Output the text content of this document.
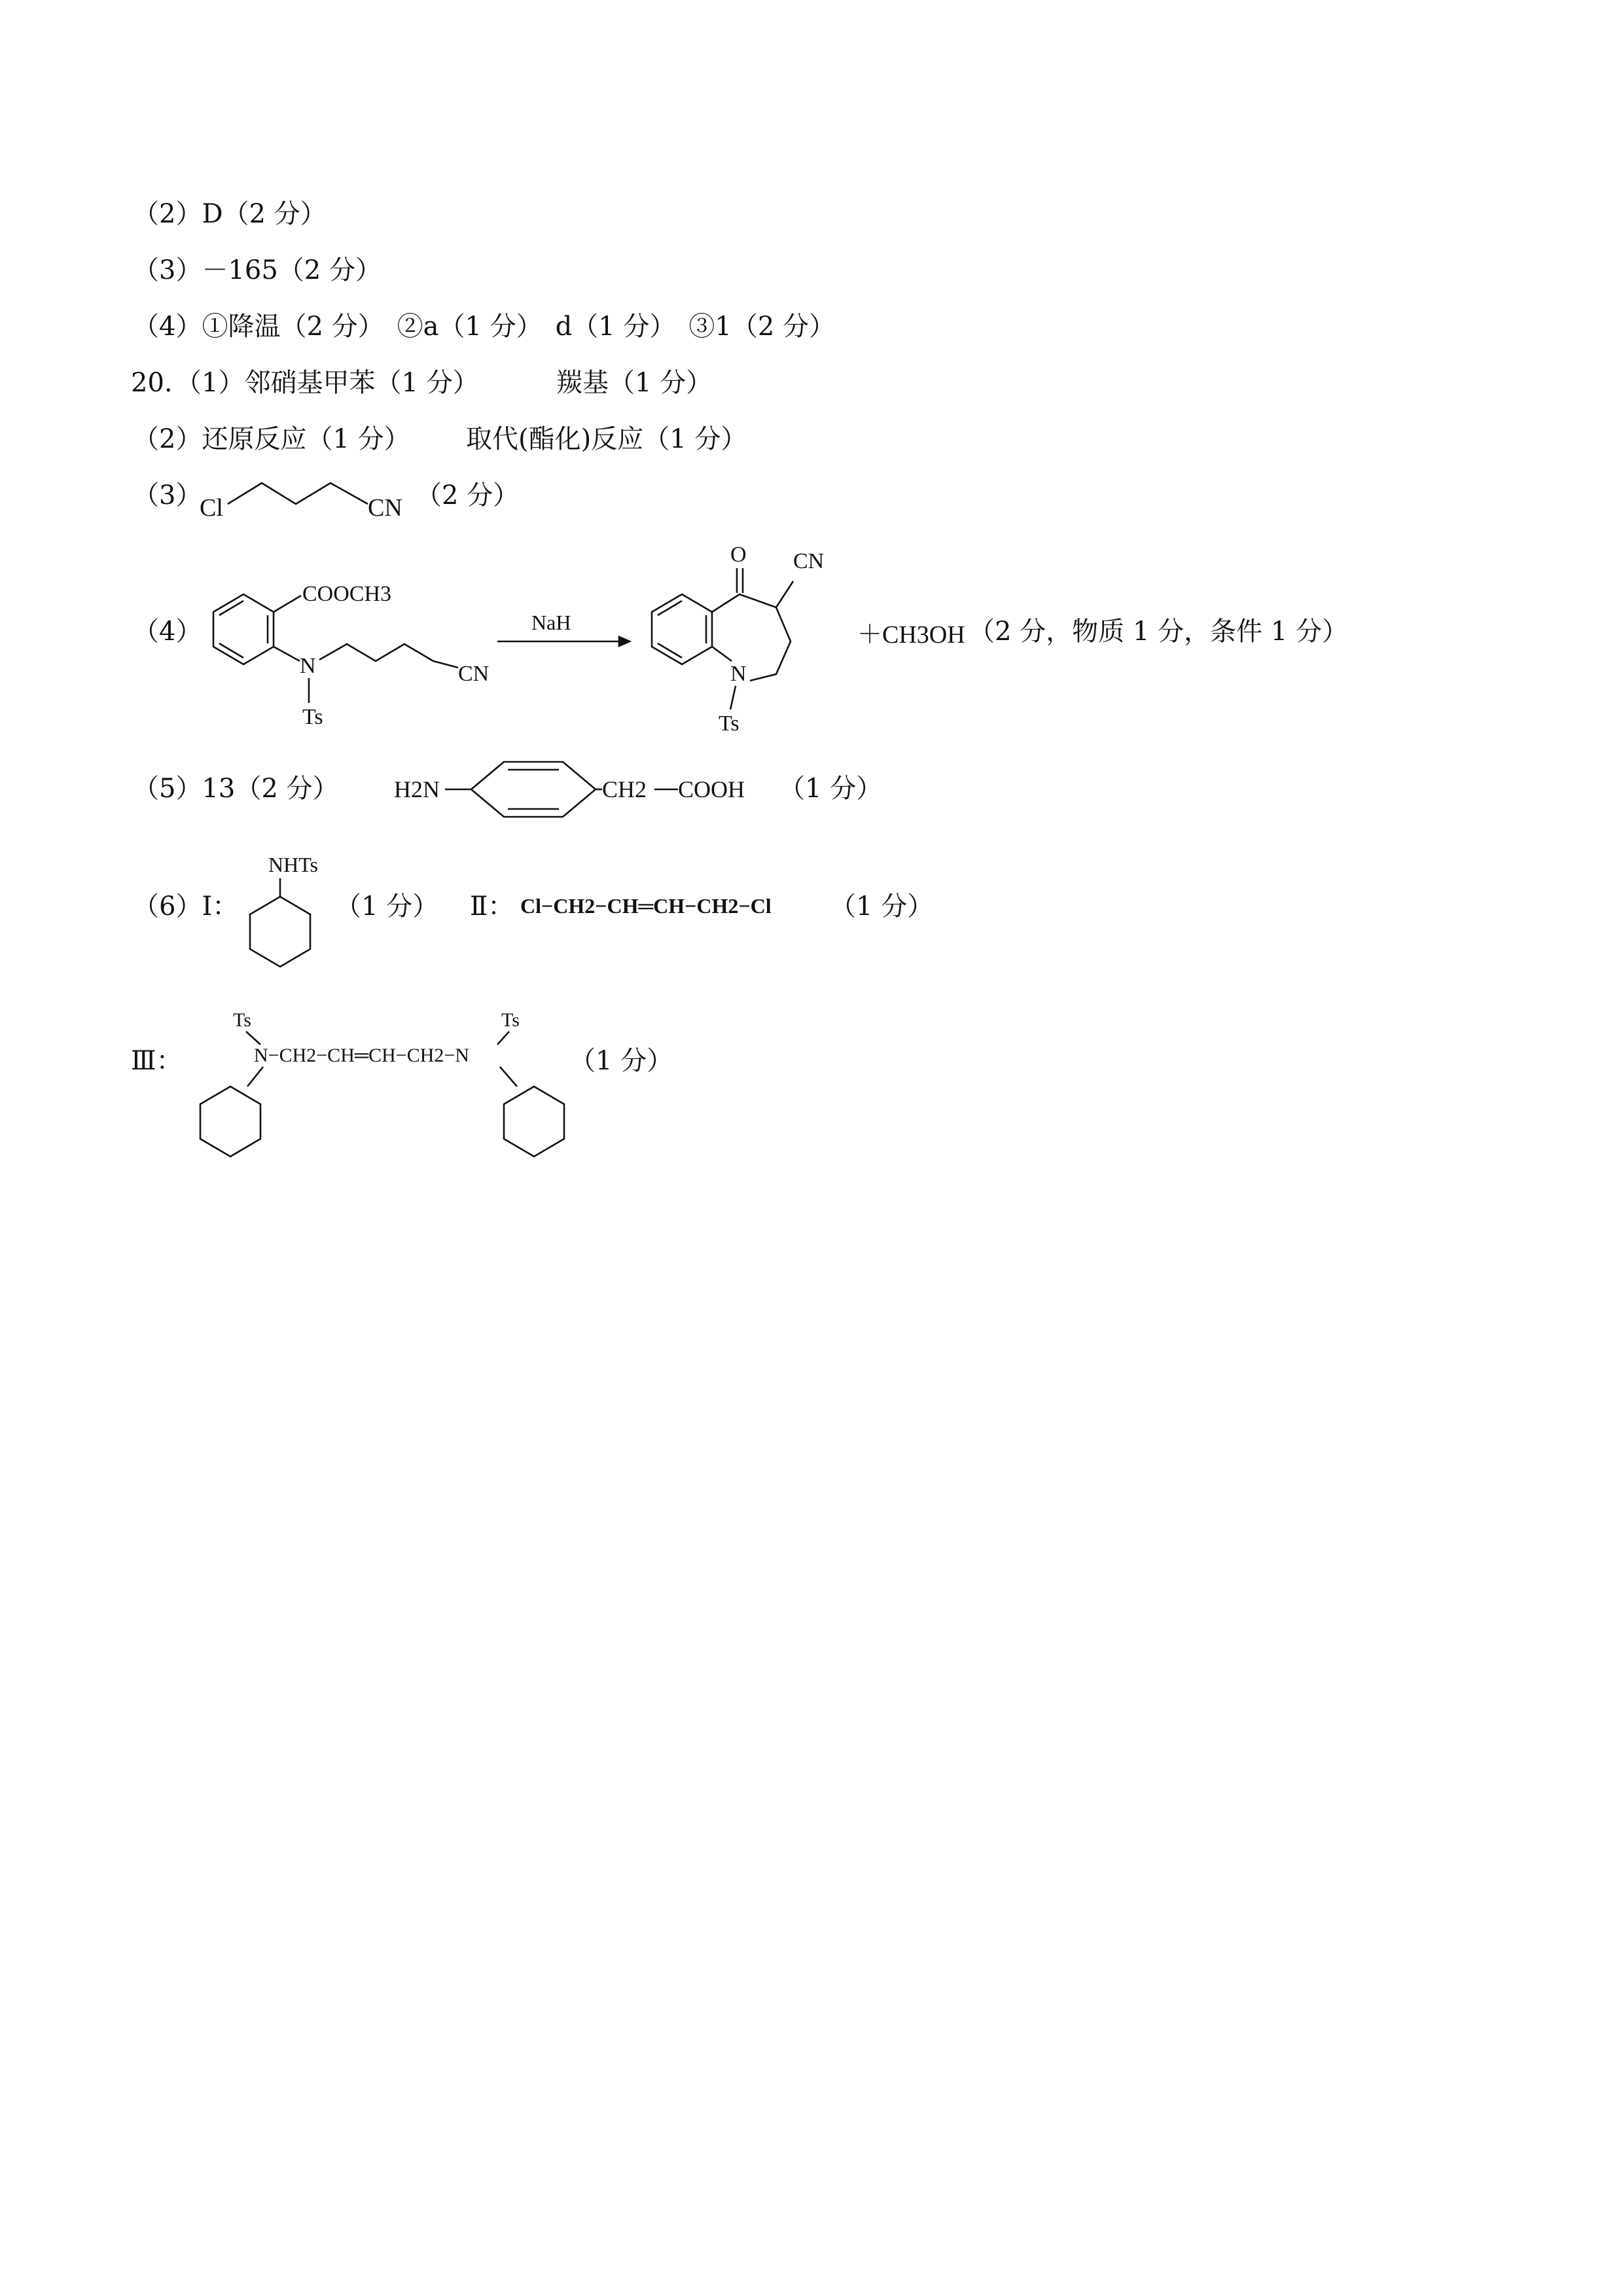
（2）D（2 分）
（3）－165（2 分）
（4）①降温（2 分）　②a（1 分）　d（1 分）　③1（2 分）
20. （1）邻硝基甲苯（1 分）	羰基（1 分）
（2）还原反应（1 分） 取代(酯化)反应（1 分）
（3）	（2 分）
（4）	（2 分，物质 1 分，条件 1 分）
（5）13（2 分）	（1 分）
（6）Ⅰ：	（1 分） Ⅱ：	（1 分）
Ⅲ：	（1 分）
Cl	CN
COOCH3
N
Ts
CN
NaH
O CN
N
Ts
＋CH3OH
H2N	CH2 COOH
NHTs
Cl−CH2−CH═CH−CH2−Cl
Ts	Ts
N−CH2−CH═CH−CH2−N
